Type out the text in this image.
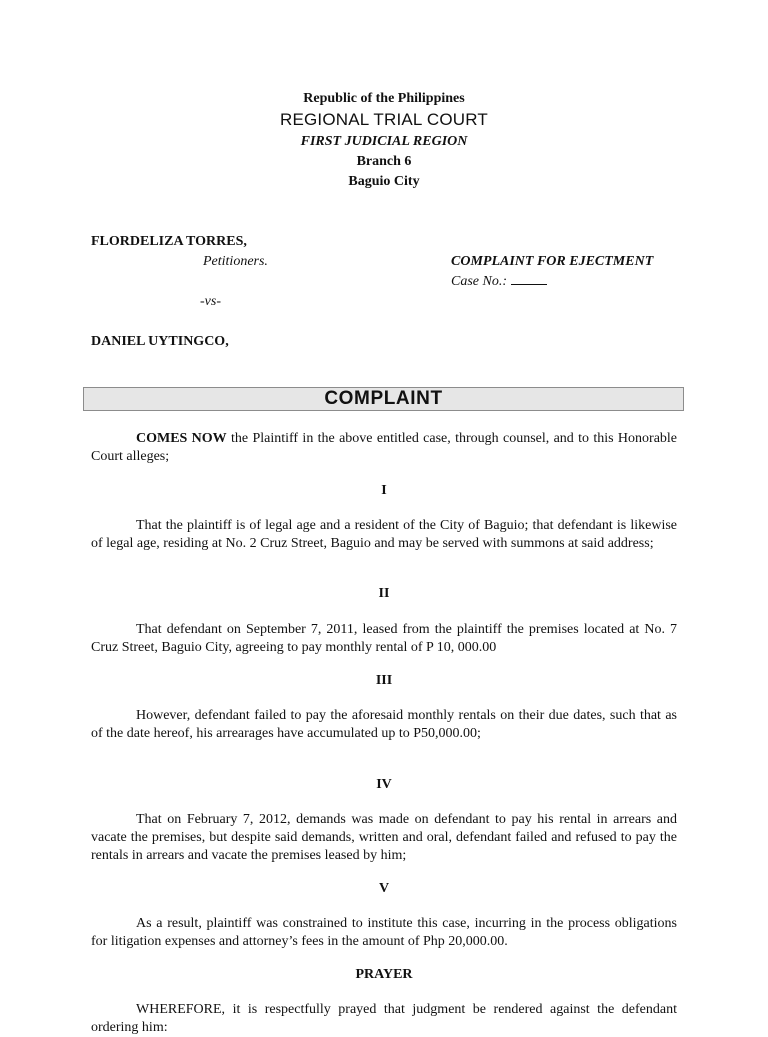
Republic of the Philippines
REGIONAL TRIAL COURT
FIRST JUDICIAL REGION
Branch 6
Baguio City
FLORDELIZA TORRES,
Petitioners.	COMPLAINT FOR EJECTMENT
Case No.:
-vs-
DANIEL UYTINGCO,
COMPLAINT
COMES NOW the Plaintiff in the above entitled case, through counsel, and to this Honorable Court alleges;
I
That the plaintiff is of legal age and a resident of the City of Baguio; that defendant is likewise of legal age, residing at No. 2 Cruz Street, Baguio and may be served with summons at said address;
II
That defendant on September 7, 2011, leased from the plaintiff the premises located at No. 7 Cruz Street, Baguio City, agreeing to pay monthly rental of P 10, 000.00
III
However, defendant failed to pay the aforesaid monthly rentals on their due dates, such that as of the date hereof, his arrearages have accumulated up to P50,000.00;
IV
That on February 7, 2012, demands was made on defendant to pay his rental in arrears and vacate the premises, but despite said demands, written and oral, defendant failed and refused to pay the rentals in arrears and vacate the premises leased by him;
V
As a result, plaintiff was constrained to institute this case, incurring in the process obligations for litigation expenses and attorney’s fees in the amount of Php 20,000.00.
PRAYER
WHEREFORE, it is respectfully prayed that judgment be rendered against the defendant ordering him:
